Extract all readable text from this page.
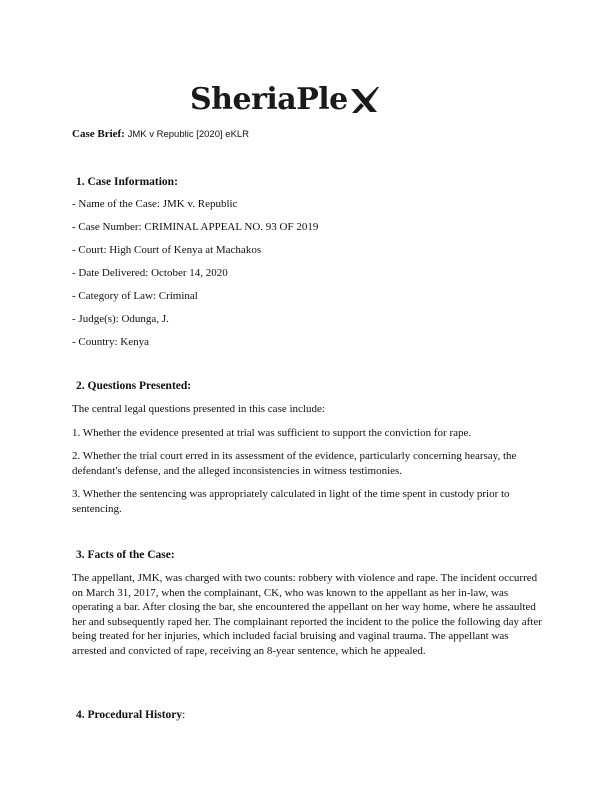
SheriaPle
Case Brief: JMK v Republic [2020] eKLR
1. Case Information:
- Name of the Case: JMK v. Republic
- Case Number: CRIMINAL APPEAL NO. 93 OF 2019
- Court: High Court of Kenya at Machakos
- Date Delivered: October 14, 2020
- Category of Law: Criminal
- Judge(s): Odunga, J.
- Country: Kenya
2. Questions Presented:

The central legal questions presented in this case include:

1. Whether the evidence presented at trial was sufficient to support the conviction for rape.

2. Whether the trial court erred in its assessment of the evidence, particularly concerning hearsay, the defendant's defense, and the alleged inconsistencies in witness testimonies.

3. Whether the sentencing was appropriately calculated in light of the time spent in custody prior to sentencing.

3. Facts of the Case:

The appellant, JMK, was charged with two counts: robbery with violence and rape. The incident occurred on March 31, 2017, when the complainant, CK, who was known to the appellant as her in-law, was operating a bar. After closing the bar, she encountered the appellant on her way home, where he assaulted her and subsequently raped her. The complainant reported the incident to the police the following day after being treated for her injuries, which included facial bruising and vaginal trauma. The appellant was arrested and convicted of rape, receiving an 8-year sentence, which he appealed.

4. Procedural History:
